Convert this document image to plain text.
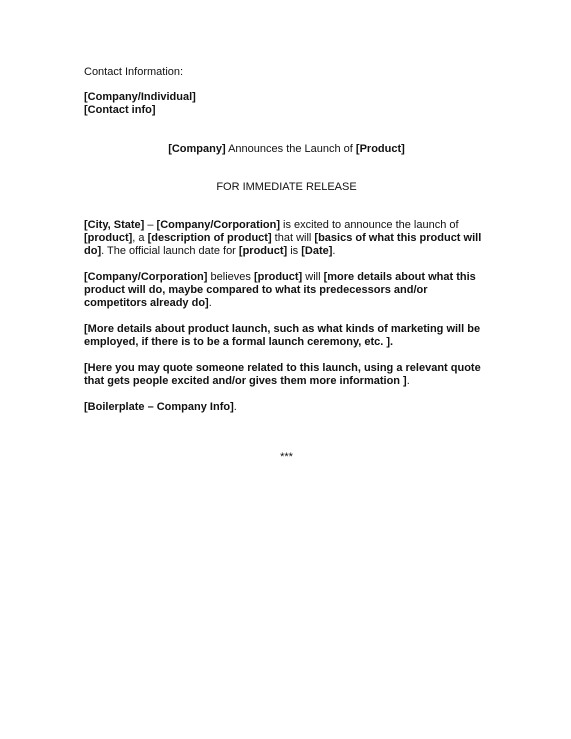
Contact Information:
[Company/Individual]
[Contact info]
[Company] Announces the Launch of [Product]
FOR IMMEDIATE RELEASE

[City, State] – [Company/Corporation] is excited to announce the launch of [product], a [description of product] that will [basics of what this product will do]. The official launch date for [product] is [Date].

[Company/Corporation] believes [product] will [more details about what this product will do, maybe compared to what its predecessors and/or competitors already do].

[More details about product launch, such as what kinds of marketing will be employed, if there is to be a formal launch ceremony, etc. ].

[Here you may quote someone related to this launch, using a relevant quote that gets people excited and/or gives them more information ].

[Boilerplate – Company Info].

***
